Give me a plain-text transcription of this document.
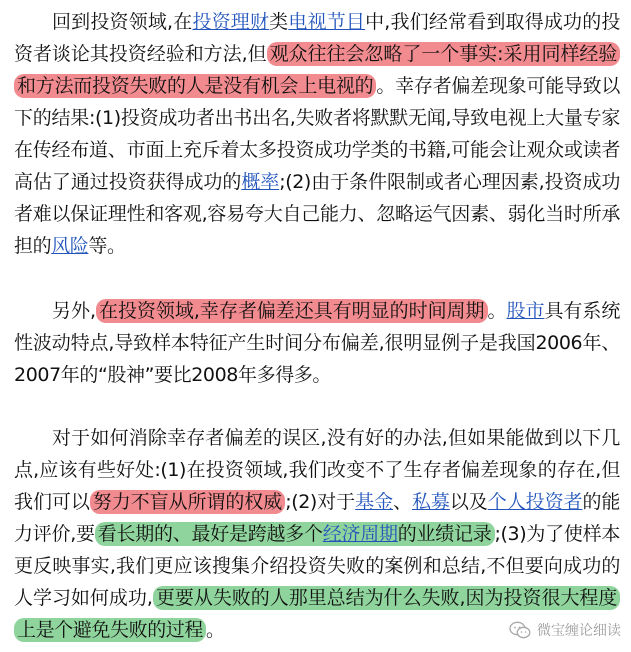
回到投资领域,在投资理财类电视节目中,我们经常看到取得成功的投资者谈论其投资经验和方法,但 观众往往会忽略了一个事实:采用同样经验和方法而投资失败的人是没有机会上电视的 。幸存者偏差现象可能导致以下的结果:(1)投资成功者出书出名,失败者将默默无闻,导致电视上大量专家在传经布道、市面上充斥着太多投资成功学类的书籍,可能会让观众或读者高估了通过投资获得成功的概率;(2)由于条件限制或者心理因素,投资成功者难以保证理性和客观,容易夸大自己能力、忽略运气因素、弱化当时所承担的风险等。

另外, 在投资领域,幸存者偏差还具有明显的时间周期 。股市具有系统性波动特点,导致样本特征产生时间分布偏差,很明显例子是我国2006年、2007年的“股神”要比2008年多得多。

对于如何消除幸存者偏差的误区,没有好的办法,但如果能做到以下几点,应该有些好处:(1)在投资领域,我们改变不了生存者偏差现象的存在,但我们可以 努力不盲从所谓的权威 ;(2)对于基金、私募以及个人投资者的能力评价,要 看长期的、最好是跨越多个经济周期的业绩记录 ;(3)为了使样本更反映事实,我们更应该搜集介绍投资失败的案例和总结,不但要向成功的人学习如何成功, 更要从失败的人那里总结为什么失败,因为投资很大程度上是个避免失败的过程 。	微宝缠论细读
